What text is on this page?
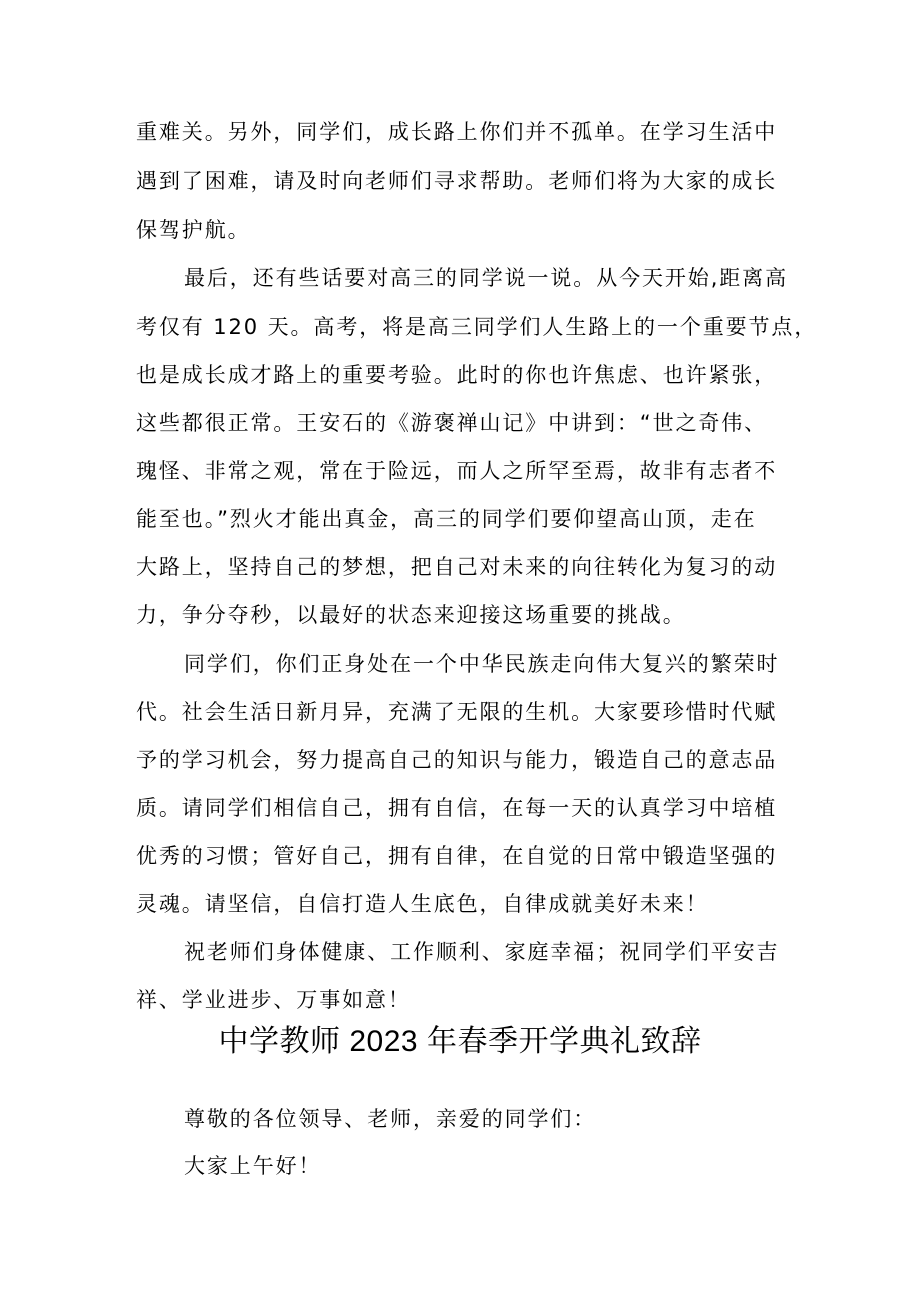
重难关。另外，同学们，成长路上你们并不孤单。在学习生活中
遇到了困难，请及时向老师们寻求帮助。老师们将为大家的成长
保驾护航。
最后，还有些话要对高三的同学说一说。从今天开始,距离高
考仅有 120 天。高考，将是高三同学们人生路上的一个重要节点，
也是成长成才路上的重要考验。此时的你也许焦虑、也许紧张，
这些都很正常。王安石的《游褒禅山记》中讲到：“世之奇伟、
瑰怪、非常之观，常在于险远，而人之所罕至焉，故非有志者不
能至也。”烈火才能出真金，高三的同学们要仰望高山顶，走在
大路上，坚持自己的梦想，把自己对未来的向往转化为复习的动
力，争分夺秒，以最好的状态来迎接这场重要的挑战。
同学们，你们正身处在一个中华民族走向伟大复兴的繁荣时
代。社会生活日新月异，充满了无限的生机。大家要珍惜时代赋
予的学习机会，努力提高自己的知识与能力，锻造自己的意志品
质。请同学们相信自己，拥有自信，在每一天的认真学习中培植
优秀的习惯；管好自己，拥有自律，在自觉的日常中锻造坚强的
灵魂。请坚信，自信打造人生底色，自律成就美好未来！
祝老师们身体健康、工作顺利、家庭幸福；祝同学们平安吉
祥、学业进步、万事如意！
中学教师 2023 年春季开学典礼致辞
尊敬的各位领导、老师，亲爱的同学们：
大家上午好！
